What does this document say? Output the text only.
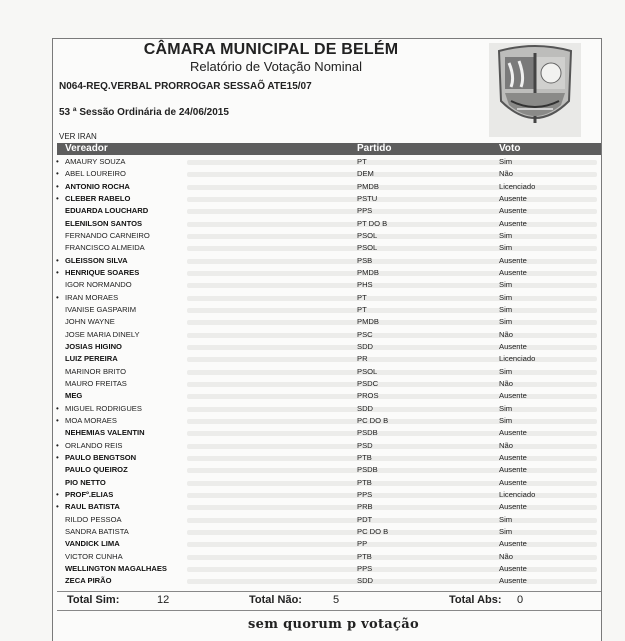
CÂMARA MUNICIPAL DE BELÉM
Relatório de Votação Nominal
N064-REQ.VERBAL PRORROGAR SESSAÕ ATE15/07
53 ª Sessão Ordinária de 24/06/2015
VER IRAN
Vereador	Partido	Voto
• AMAURY SOUZA	PT	Sim
• ABEL LOUREIRO	DEM	Não
• ANTONIO ROCHA	PMDB	Licenciado
• CLEBER RABELO	PSTU	Ausente
EDUARDA LOUCHARD	PPS	Ausente
ELENILSON SANTOS	PT DO B	Ausente
FERNANDO CARNEIRO	PSOL	Sim
FRANCISCO ALMEIDA	PSOL	Sim
• GLEISSON SILVA	PSB	Ausente
• HENRIQUE SOARES	PMDB	Ausente
IGOR NORMANDO	PHS	Sim
• IRAN MORAES	PT	Sim
IVANISE GASPARIM	PT	Sim
JOHN WAYNE	PMDB	Sim
JOSE MARIA DINELY	PSC	Não
JOSIAS HIGINO	SDD	Ausente
LUIZ PEREIRA	PR	Licenciado
MARINOR BRITO	PSOL	Sim
MAURO FREITAS	PSDC	Não
MEG	PROS	Ausente
• MIGUEL RODRIGUES	SDD	Sim
• MOA MORAES	PC DO B	Sim
NEHEMIAS VALENTIN	PSDB	Ausente
• ORLANDO REIS	PSD	Não
• PAULO BENGTSON	PTB	Ausente
PAULO QUEIROZ	PSDB	Ausente
PIO NETTO	PTB	Ausente
• PROFº.ELIAS	PPS	Licenciado
• RAUL BATISTA	PRB	Ausente
RILDO PESSOA	PDT	Sim
SANDRA BATISTA	PC DO B	Sim
VANDICK LIMA	PP	Ausente
VICTOR CUNHA	PTB	Não
WELLINGTON MAGALHAES	PPS	Ausente
ZECA PIRÃO	SDD	Ausente
Total Sim:	12	Total Não:	5	Total Abs: 0
sem quorum p votação
